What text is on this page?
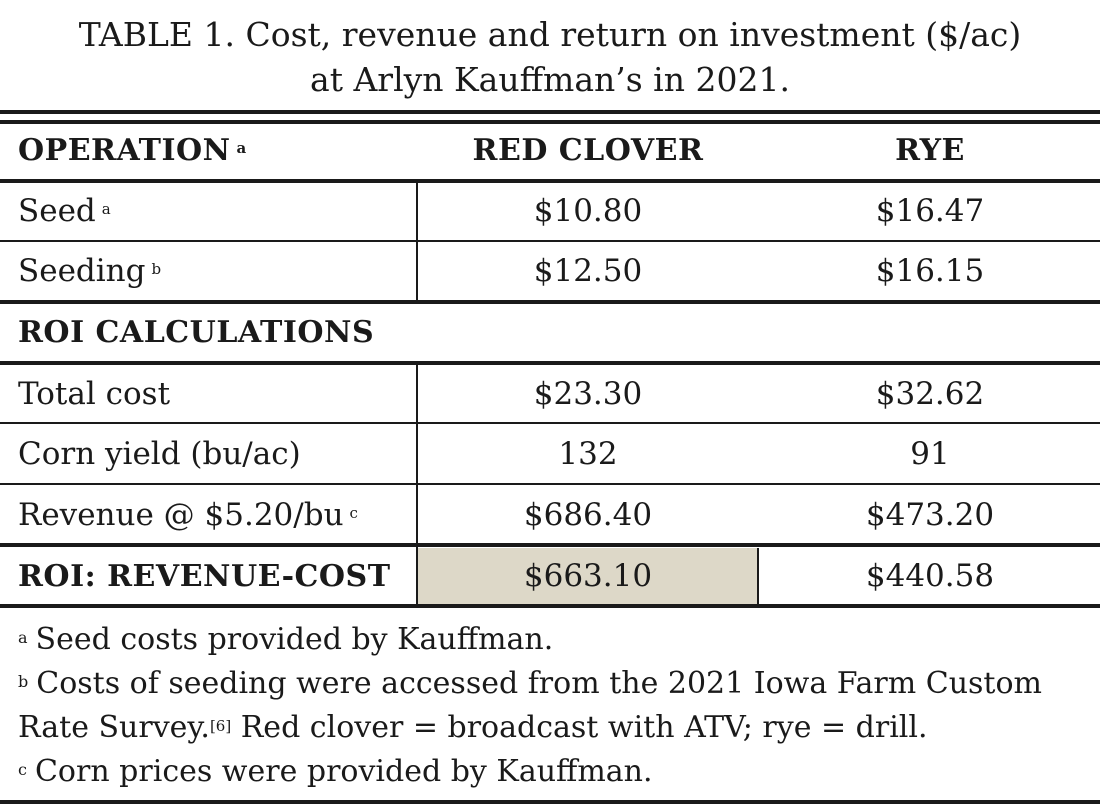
TABLE 1. Cost, revenue and return on investment ($/ac)
at Arlyn Kauffman’s in 2021.
OPERATION $^a$	RED CLOVER	RYE
Seed $^a$	$10.80	$16.47
Seeding $^b$	$12.50	$16.15
ROI CALCULATIONS
Total cost	$23.30	$32.62
Corn yield (bu/ac)	132	91
Revenue @ $5.20/bu $^c$	$686.40	$473.20
ROI: REVENUE-COST	$663.10	$440.58
$^a$ Seed costs provided by Kauffman.
$^b$ Costs of seeding were accessed from the 2021 Iowa Farm Custom
Rate Survey.[6] Red clover = broadcast with ATV; rye = drill.
$^c$ Corn prices were provided by Kauffman.
